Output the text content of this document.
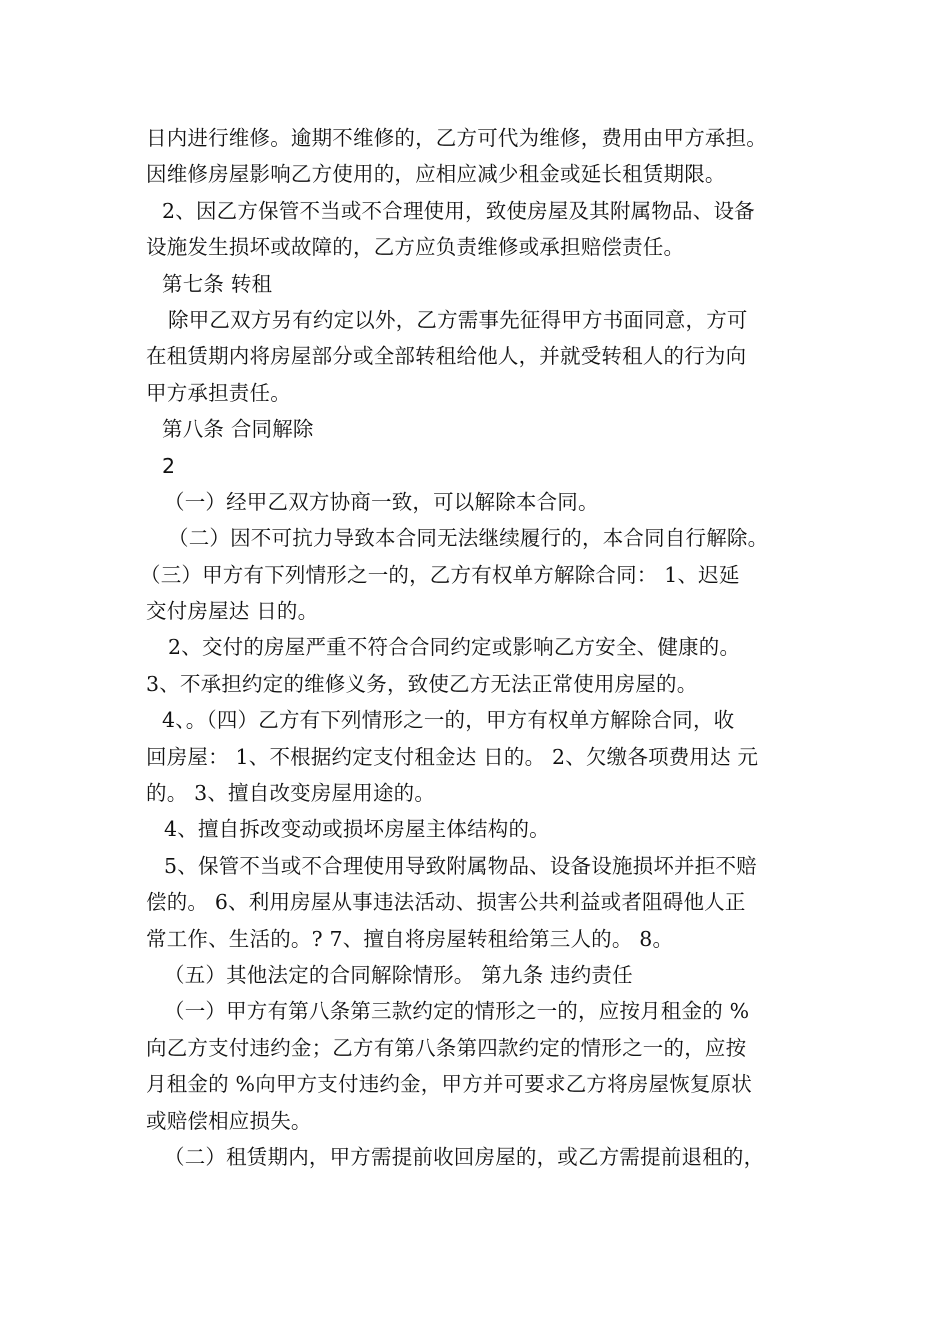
日内进行维修。逾期不维修的，乙方可代为维修，费用由甲方承担。
因维修房屋影响乙方使用的，应相应减少租金或延长租赁期限。
2、因乙方保管不当或不合理使用，致使房屋及其附属物品、设备
设施发生损坏或故障的，乙方应负责维修或承担赔偿责任。
第七条 转租
除甲乙双方另有约定以外，乙方需事先征得甲方书面同意，方可
在租赁期内将房屋部分或全部转租给他人，并就受转租人的行为向
甲方承担责任。
第八条 合同解除
2
（一）经甲乙双方协商一致，可以解除本合同。
（二）因不可抗力导致本合同无法继续履行的，本合同自行解除。
（三）甲方有下列情形之一的，乙方有权单方解除合同： 1、迟延
交付房屋达 日的。
2、交付的房屋严重不符合合同约定或影响乙方安全、健康的。
3、不承担约定的维修义务，致使乙方无法正常使用房屋的。
4、。（四）乙方有下列情形之一的，甲方有权单方解除合同，收
回房屋： 1、不根据约定支付租金达 日的。 2、欠缴各项费用达 元
的。 3、擅自改变房屋用途的。
4、擅自拆改变动或损坏房屋主体结构的。
5、保管不当或不合理使用导致附属物品、设备设施损坏并拒不赔
偿的。 6、利用房屋从事违法活动、损害公共利益或者阻碍他人正
常工作、生活的。? 7、擅自将房屋转租给第三人的。 8。
（五）其他法定的合同解除情形。 第九条 违约责任
（一）甲方有第八条第三款约定的情形之一的，应按月租金的 %
向乙方支付违约金；乙方有第八条第四款约定的情形之一的，应按
月租金的 %向甲方支付违约金，甲方并可要求乙方将房屋恢复原状
或赔偿相应损失。
（二）租赁期内，甲方需提前收回房屋的，或乙方需提前退租的，
